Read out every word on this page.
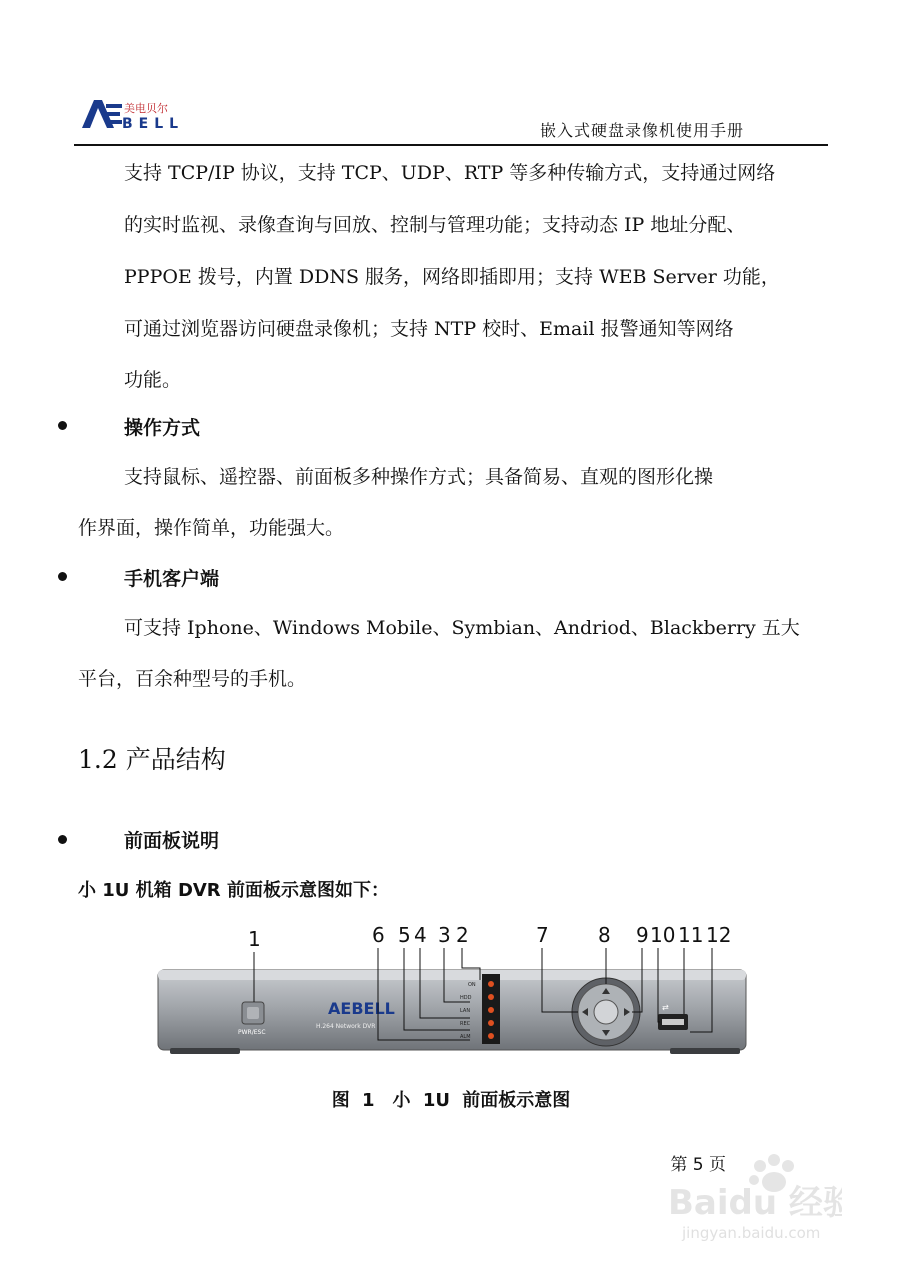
美电贝尔
BELL	嵌入式硬盘录像机使用手册
支持 TCP/IP 协议，支持 TCP、UDP、RTP 等多种传输方式，支持通过网络
的实时监视、录像查询与回放、控制与管理功能；支持动态 IP 地址分配、
PPPOE 拨号，内置 DDNS 服务，网络即插即用；支持 WEB Server 功能，
可通过浏览器访问硬盘录像机；支持 NTP 校时、Email 报警通知等网络
功能。
操作方式
支持鼠标、遥控器、前面板多种操作方式；具备简易、直观的图形化操
作界面，操作简单，功能强大。
手机客户端
可支持 Iphone、Windows Mobile、Symbian、Andriod、Blackberry 五大
平台，百余种型号的手机。
1.2 产品结构
前面板说明
小 1U 机箱 DVR 前面板示意图如下：
1	6 5 4 3 2	7 8 9 10 11 12
PWR/ESC
AEBELL
H.264 Network DVR
ON
HDD
LAN
REC
ALM
⇄
图 1　小 1U 前面板示意图
第 5 页
Baidu 经验
jingyan.baidu.com
